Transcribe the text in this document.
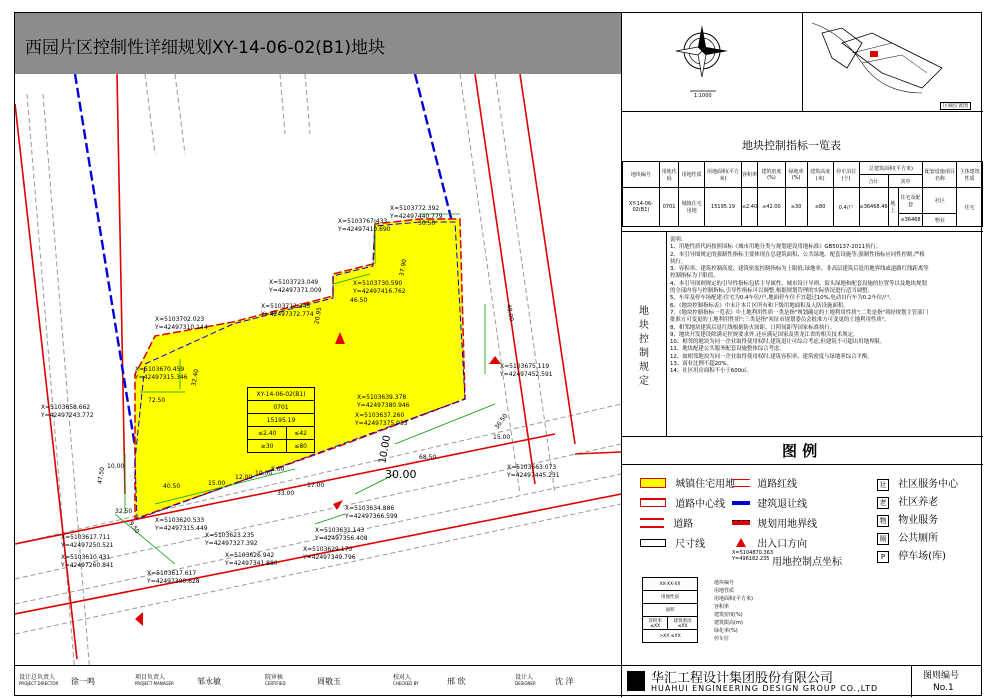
西园片区控制性详细规划XY-14-06-02(B1)地块
XY-14-06-02(B1)	
0701	
15195.19	
≤2.40	≤42
≥30	≤80
X=5103772.392
Y=42497440.779
X=5103767.433
Y=42497410.690
X=5103723.049
Y=42497371.009
X=5103730.590
Y=42497416.762
X=5103712.345
Y=42497372.774
X=5103702.023
Y=42497310.144
X=5103670.459
Y=42497315.346
X=5103658.662
Y=42497243.772
X=5103675.119
Y=42497452.591
X=5103639.378
Y=42497380.946
X=5103637.260
Y=42497375.033
X=5103663.073
Y=42497445.231
X=5103620.533
Y=42497315.449
X=5103617.711
Y=42497250.521
X=5103623.235
Y=42497327.392
X=5103610.431
Y=42497260.841
X=5103626.942
Y=42497341.880
X=5103617.617
Y=42497300.628
X=5103634.886
Y=42497366.599
X=5103631.143
Y=42497356.408
X=5103629.170
Y=42497349.796
30.50
37.90
46.50
20.95
72.50
32.40
47.50
40.50	15.00
12.00
10.00
8.00
68.50
48.00
10.00
30.00
33.00
17.00
36.50
9.50
10.00
32.50
15.00
1:1000
区域位置图
地块控制指标一览表
地块编号	用地代码	用地性质	用地面积(平方米)	容积率	建筑密度(%)	绿地率(%)	建筑高度(米)	停车泊位(个)	总建筑面积(平方米)			配套设施项目名称	主体建筑性质
									合计	其中			
XY-14-06-02(B1)	0701	城镇住宅用地	15195.19	≤2.40	≤42.00	≥30	≤80	0.4/户	≤36468.46	地上	住宅及配套	社区	住宅
											≤36468	物业	
地块控制规定
说明:
1、用地性质代码按照国标《城市用地分类与规划建设用地标准》GB50137-2011执行。
2、本引导图规定的强制性指标主要体现在总建筑面积、公共绿地、配套设施等,强制性指标应同性控制,严格执行。
3、容积率、建筑控制高度、建筑密度控制指标为上限值;绿地率、非高层建筑后退用地界线或道路红线距离等控制指标为下限值。
4、本引导图则规定的引导性指标包括主导属性、城市设计导则、街头绿地和配套设施的位置等以及地块规划的全部内容与控制指标,引导性指标可以调整,根据规划管理的实际情况进行适当调整。
5、车库及停车场配建:住宅为0.4车位/户,地面停车位不宜超过10%,电动自行车为0.2车位/户。
6、《地块控制指标表》中未计本片区所有和下级用地面积及人防设施面积。
7、《地块控制指标一览表》中土地利用性质一类是指"规划确定的土地利用性质";二类是指"须经规划主管部门批准方可变更的土地利用性质";三类是指"须征市规划委员会批准方可变更的土地利用性质"。
8、相邻地块建筑后退红线根据防火间距、日照间距等国家标准执行。
9、地块开发建设除满足控规要求外,还应满足国家及黑龙江省的相关技术规定。
10、相邻的地块为同一企业取得使用权时,建筑退让可综合考虑,但建筑不可超出用地界限。
11、地块配建公共服务配套设施整体综合考虑。
12、如相邻地块为同一企业取得使用权时,建筑容积率、建筑密度与绿地率综合平衡。
13、商业比例不超20%。
14、社区用房面积不小于600㎡。
图 例
城镇住宅用地
道路中心线
道路
尺寸线
道路红线
建筑退让线
规划用地界线
出入口方向
X=5104870.363
Y=496182.235 用地控制点坐标
社 社区服务中心
老 社区养老
物 物业服务
厕 公共厕所
P 停车场(库)
XX-XX-XX
用地性质
面积
容积率 ≤XX	建筑密度 ≤XX
>XX ≤XX
地块编号
用地性质
用地面积(平方米)
容积率
建筑密度(%)
建筑限高(m)
绿化率(%)
停车位
设计总负责人
PROJECT DIRECTOR 徐一鸣	项目负责人
PROJECT MANAGER	邹永敏	院审核
CERTIFIED	周敬玉	校对人
CHECKED BY	邢 欣	设计人
DESIGNER 沈 洋	华汇工程设计集团股份有限公司
HUAHUI ENGINEERING DESIGN GROUP CO.,LTD
图则编号
No.1
